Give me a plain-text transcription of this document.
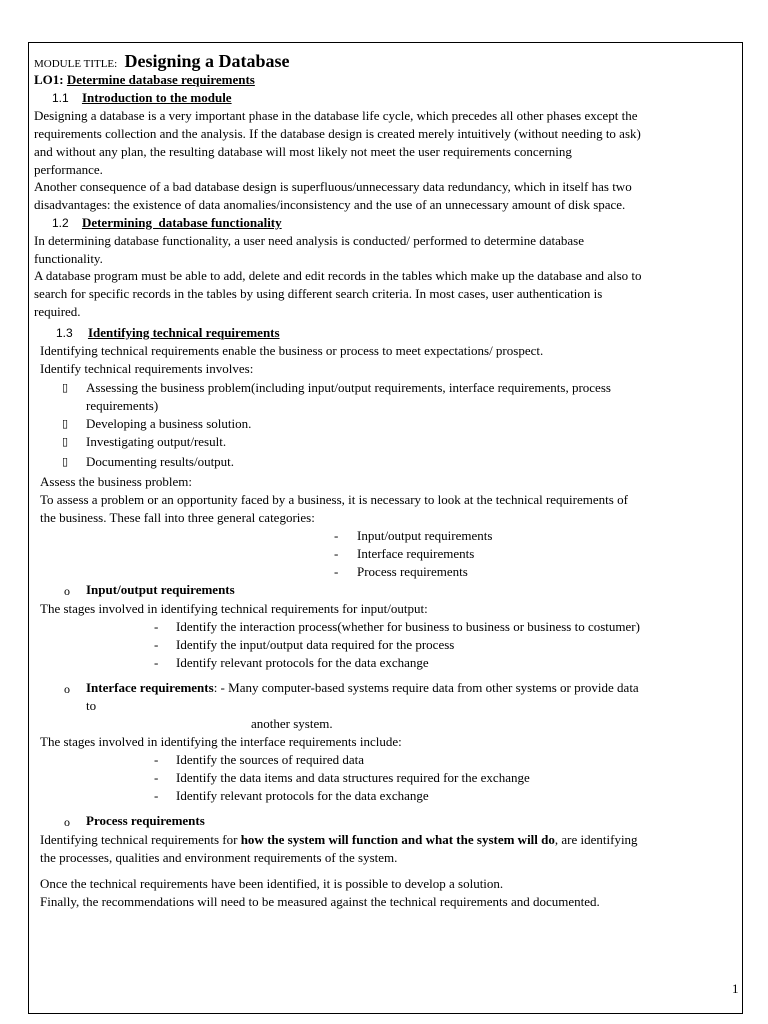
MODULE TITLE: Designing a Database
LO1: Determine database requirements
1.1 Introduction to the module
Designing a database is a very important phase in the database life cycle, which precedes all other phases except the
requirements collection and the analysis. If the database design is created merely intuitively (without needing to ask)
and without any plan, the resulting database will most likely not meet the user requirements concerning
performance.
Another consequence of a bad database design is superfluous/unnecessary data redundancy, which in itself has two
disadvantages: the existence of data anomalies/inconsistency and the use of an unnecessary amount of disk space.
1.2 Determining  database functionality
In determining database functionality, a user need analysis is conducted/ performed to determine database
functionality.
A database program must be able to add, delete and edit records in the tables which make up the database and also to
search for specific records in the tables by using different search criteria. In most cases, user authentication is
required.
1.3 Identifying technical requirements
Identifying technical requirements enable the business or process to meet expectations/ prospect.
Identify technical requirements involves:
▯ Assessing the business problem(including input/output requirements, interface requirements, process
requirements)
▯ Developing a business solution.
▯ Investigating output/result.
▯ Documenting results/output.
Assess the business problem:
To assess a problem or an opportunity faced by a business, it is necessary to look at the technical requirements of
the business. These fall into three general categories:
- Input/output requirements
- Interface requirements
- Process requirements
o Input/output requirements
The stages involved in identifying technical requirements for input/output:
- Identify the interaction process(whether for business to business or business to costumer)
- Identify the input/output data required for the process
- Identify relevant protocols for the data exchange
o Interface requirements: - Many computer-based systems require data from other systems or provide data
to
another system.
The stages involved in identifying the interface requirements include:
- Identify the sources of required data
- Identify the data items and data structures required for the exchange
- Identify relevant protocols for the data exchange
o Process requirements
Identifying technical requirements for how the system will function and what the system will do, are identifying
the processes, qualities and environment requirements of the system.
Once the technical requirements have been identified, it is possible to develop a solution.
Finally, the recommendations will need to be measured against the technical requirements and documented.
1
